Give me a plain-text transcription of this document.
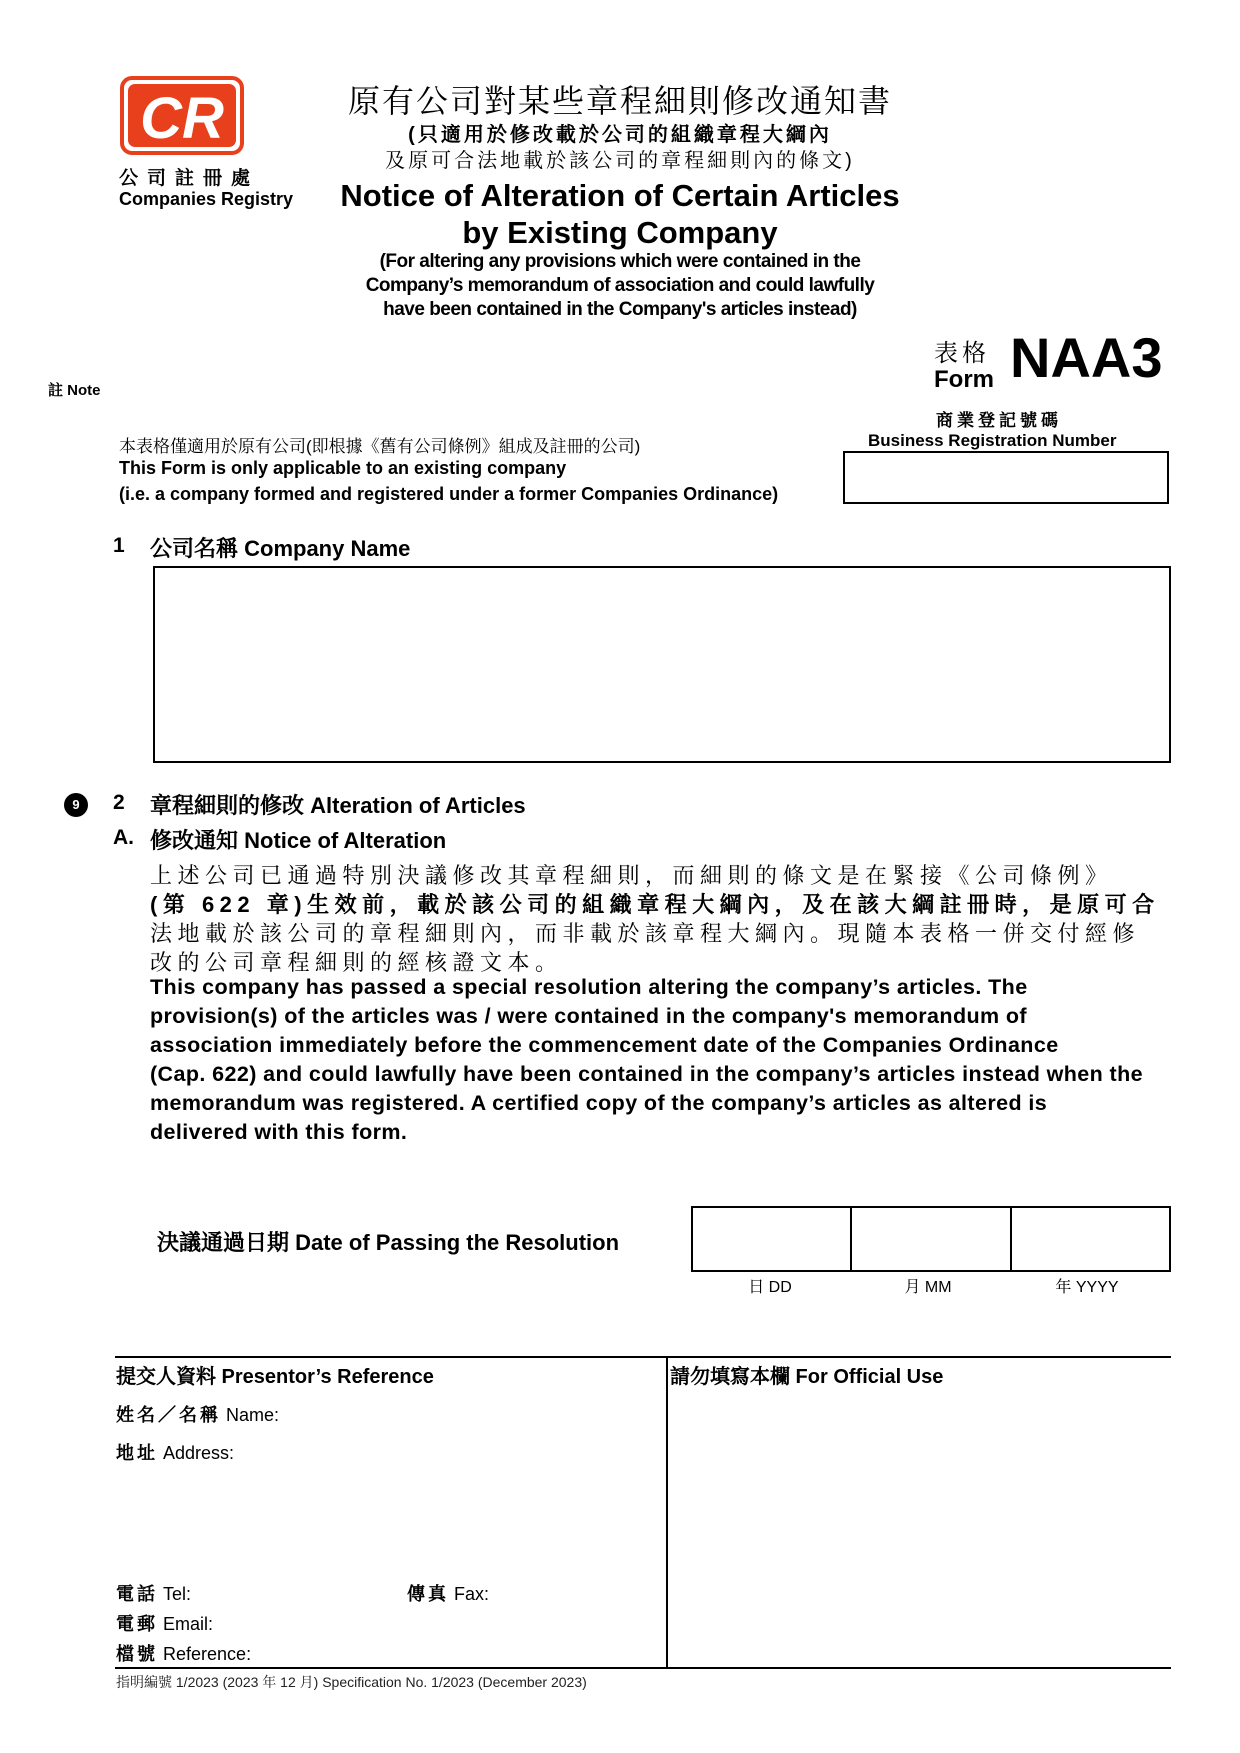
CR
公司註冊處
Companies Registry
原有公司對某些章程細則修改通知書
(只適用於修改載於公司的組織章程大綱內
及原可合法地載於該公司的章程細則內的條文)
Notice of Alteration of Certain Articles
by Existing Company
(For altering any provisions which were contained in the
Company’s memorandum of association and could lawfully
have been contained in the Company's articles instead)
表格
Form NAA3
註 Note
商業登記號碼
Business Registration Number
本表格僅適用於原有公司(即根據《舊有公司條例》組成及註冊的公司)
This Form is only applicable to an existing company
(i.e. a company formed and registered under a former Companies Ordinance)
1 公司名稱 Company Name
9	2 章程細則的修改 Alteration of Articles
A. 修改通知 Notice of Alteration
上述公司已通過特別決議修改其章程細則，而細則的條文是在緊接《公司條例》
(第 622 章)生效前，載於該公司的組織章程大綱內，及在該大綱註冊時，是原可合
法地載於該公司的章程細則內，而非載於該章程大綱內。現隨本表格一併交付經修
改的公司章程細則的經核證文本。
This company has passed a special resolution altering the company’s articles. The
provision(s) of the articles was / were contained in the company's memorandum of
association immediately before the commencement date of the Companies Ordinance
(Cap. 622) and could lawfully have been contained in the company’s articles instead when the
memorandum was registered. A certified copy of the company’s articles as altered is
delivered with this form.
決議通過日期 Date of Passing the Resolution
日 DD	月 MM	年 YYYY
提交人資料 Presentor’s Reference	請勿填寫本欄 For Official Use
姓名／名稱 Name:
地址 Address:
電話 Tel:	傳真 Fax:
電郵 Email:
檔號 Reference:
指明編號 1/2023 (2023 年 12 月) Specification No. 1/2023 (December 2023)
